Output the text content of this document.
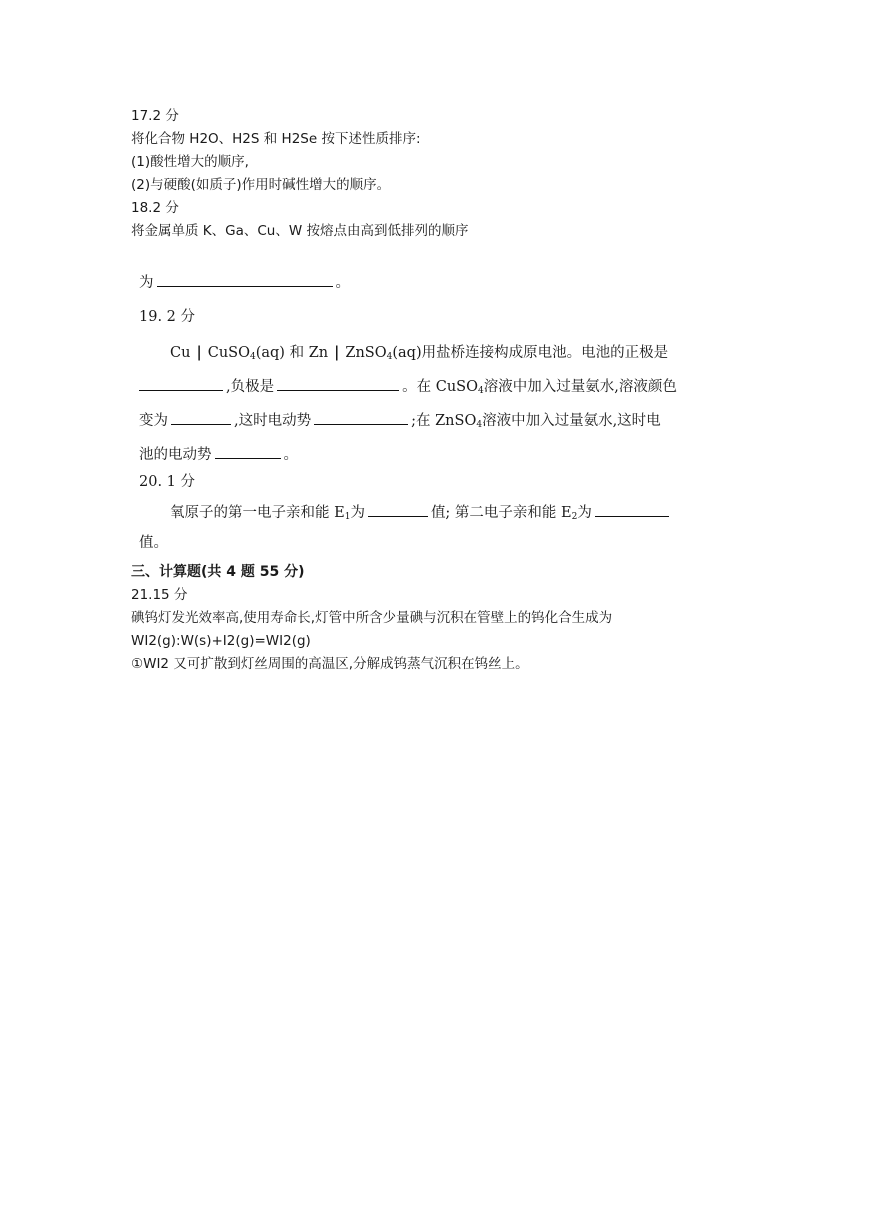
17.2 分
将化合物 H2O、H2S 和 H2Se 按下述性质排序:
(1)酸性增大的顺序,
(2)与硬酸(如质子)作用时碱性增大的顺序。
18.2 分
将金属单质 K、Ga、Cu、W 按熔点由高到低排列的顺序
为	。
19. 2 分
Cu | CuSO$_4$(aq) 和 Zn | ZnSO$_4$(aq)用盐桥连接构成原电池。电池的正极是
,负极是	。在 CuSO$_4$溶液中加入过量氨水,溶液颜色
变为	,这时电动势	;在 ZnSO$_4$溶液中加入过量氨水,这时电
池的电动势	。
20. 1 分
氧原子的第一电子亲和能 $E_1$为	值; 第二电子亲和能 $E_2$为
值。
三、计算题(共 4 题 55 分)
21.15 分
碘钨灯发光效率高,使用寿命长,灯管中所含少量碘与沉积在管壁上的钨化合生成为
WI2(g):W(s)+I2(g)=WI2(g)
①WI2 又可扩散到灯丝周围的高温区,分解成钨蒸气沉积在钨丝上。
